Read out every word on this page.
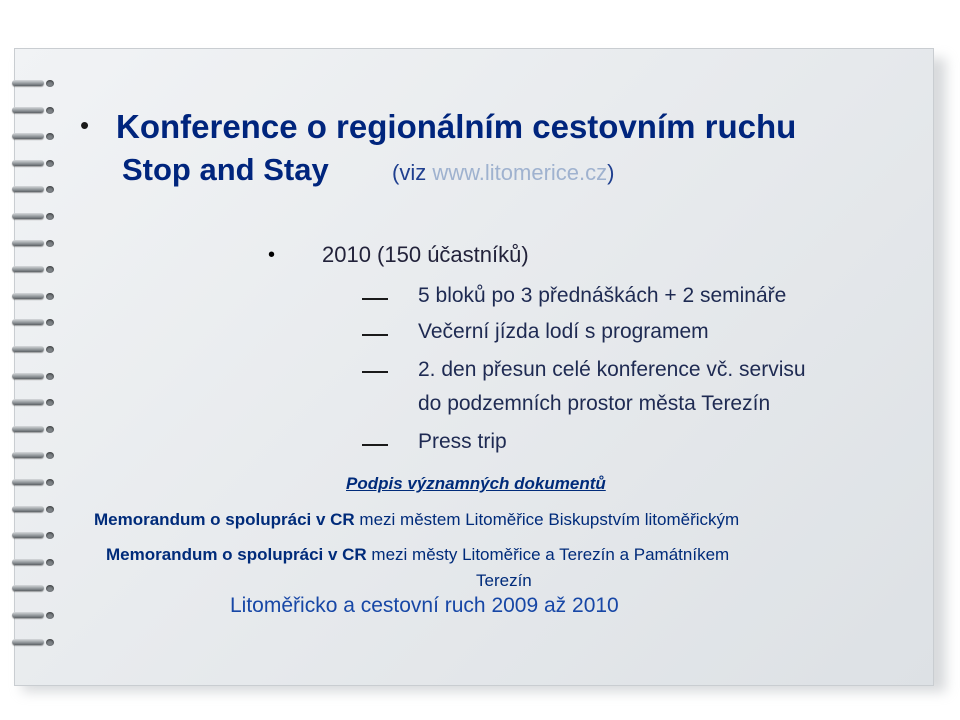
• Konference o regionálním cestovním ruchu
Stop and Stay	(viz www.litomerice.cz)
• 2010 (150 účastníků)
5 bloků po 3 přednáškách + 2 semináře
Večerní jízda lodí s programem
2. den přesun celé konference vč. servisu
do podzemních prostor města Terezín
Press trip
Podpis významných dokumentů
Memorandum o spolupráci v CR mezi městem Litoměřice Biskupstvím litoměřickým
Memorandum o spolupráci v CR mezi městy Litoměřice a Terezín a Památníkem
Terezín
Litoměřicko a cestovní ruch 2009 až 2010
